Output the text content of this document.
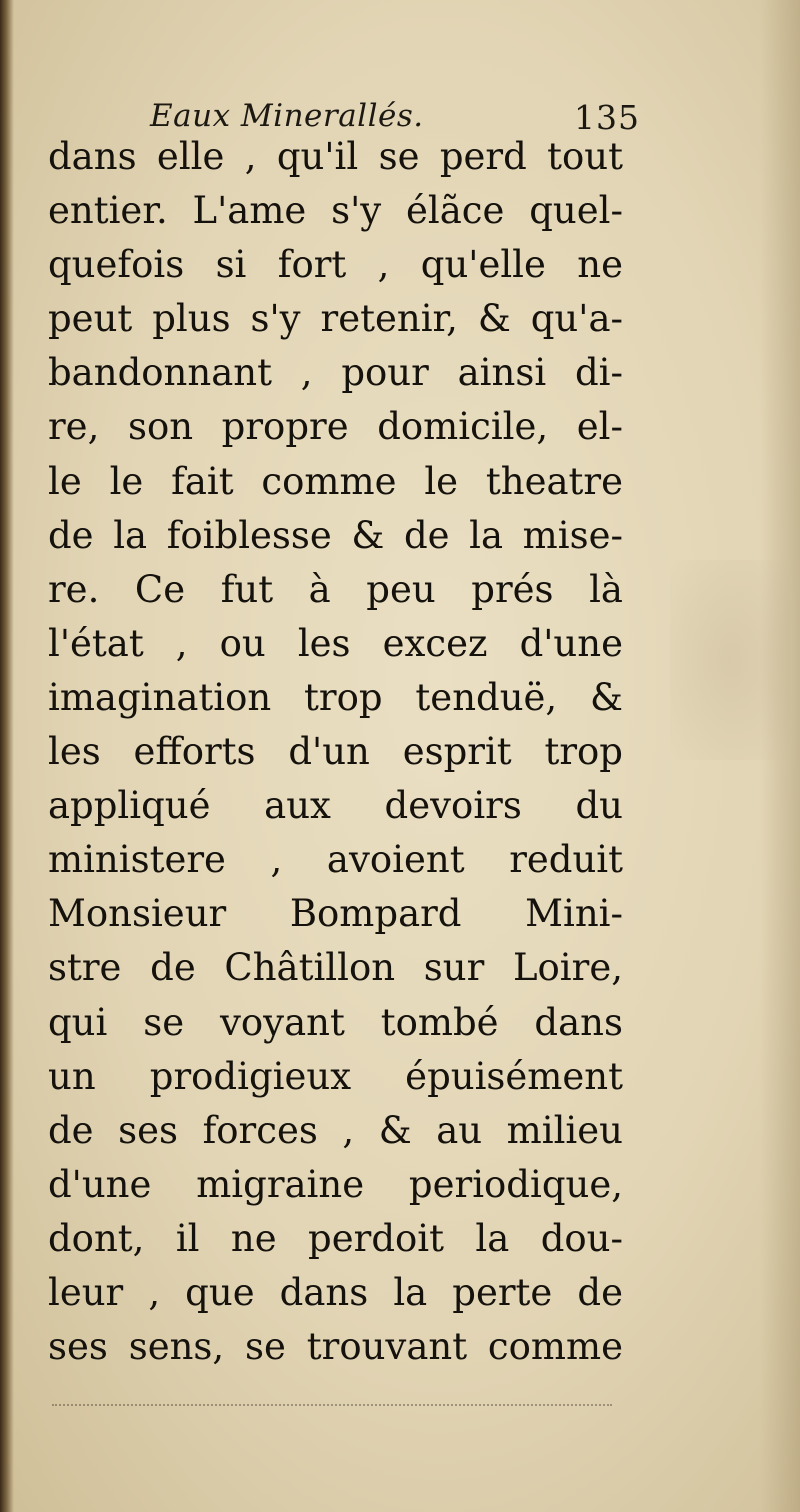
Eaux Minerallés.	135
dans elle , qu'il se perd tout
entier. L'ame s'y élãce quel-
quefois si fort , qu'elle ne
peut plus s'y retenir, & qu'a-
bandonnant , pour ainsi di-
re, son propre domicile, el-
le le fait comme le theatre
de la foiblesse & de la mise-
re. Ce fut à peu prés là
l'état , ou les excez d'une
imagination trop tenduë, &
les efforts d'un esprit trop
appliqué aux devoirs du
ministere , avoient reduit
Monsieur Bompard Mini-
stre de Châtillon sur Loire,
qui se voyant tombé dans
un prodigieux épuisément
de ses forces , & au milieu
d'une migraine periodique,
dont, il ne perdoit la dou-
leur , que dans la perte de
ses sens, se trouvant comme
